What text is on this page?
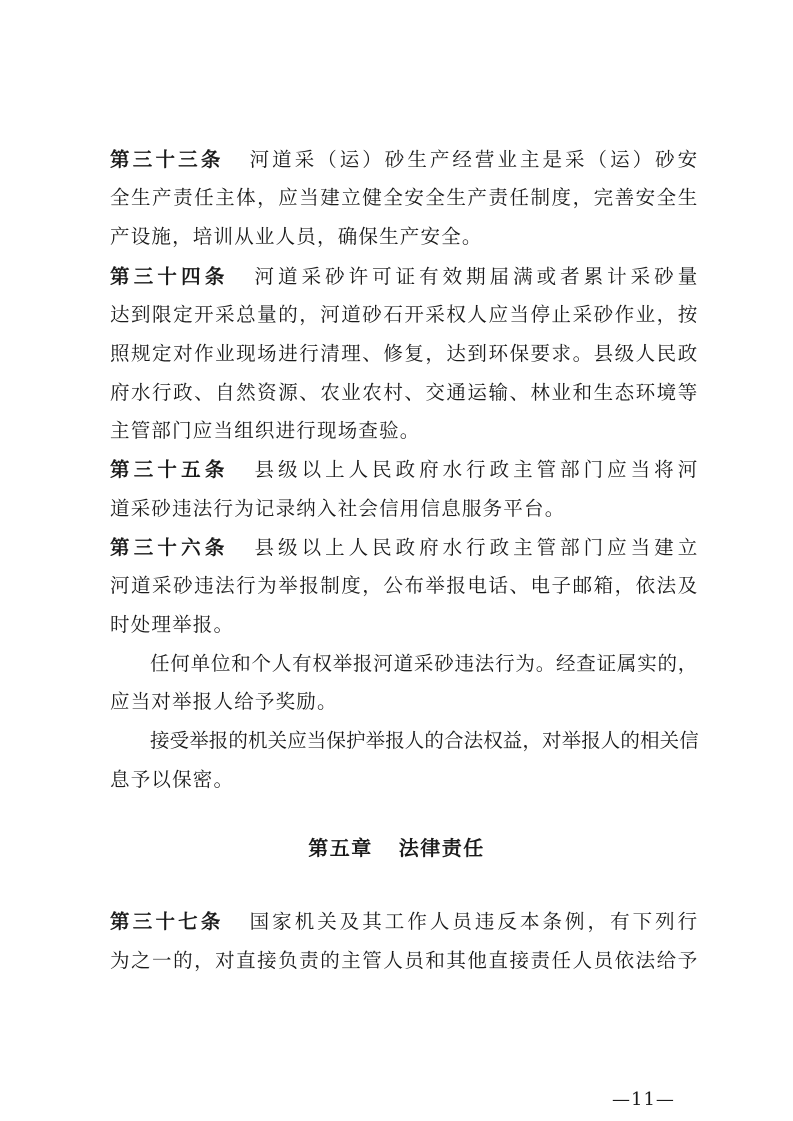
第三十三条 河道采（运）砂生产经营业主是采（运）砂安
全生产责任主体，应当建立健全安全生产责任制度，完善安全生
产设施，培训从业人员，确保生产安全。
第三十四条 河道采砂许可证有效期届满或者累计采砂量
达到限定开采总量的，河道砂石开采权人应当停止采砂作业，按
照规定对作业现场进行清理、修复，达到环保要求。县级人民政
府水行政、自然资源、农业农村、交通运输、林业和生态环境等
主管部门应当组织进行现场查验。
第三十五条 县级以上人民政府水行政主管部门应当将河
道采砂违法行为记录纳入社会信用信息服务平台。
第三十六条 县级以上人民政府水行政主管部门应当建立
河道采砂违法行为举报制度，公布举报电话、电子邮箱，依法及
时处理举报。
任何单位和个人有权举报河道采砂违法行为。经查证属实的，
应当对举报人给予奖励。
接受举报的机关应当保护举报人的合法权益，对举报人的相关信
息予以保密。
第五章 法律责任
第三十七条 国家机关及其工作人员违反本条例，有下列行
为之一的，对直接负责的主管人员和其他直接责任人员依法给予
—11—
